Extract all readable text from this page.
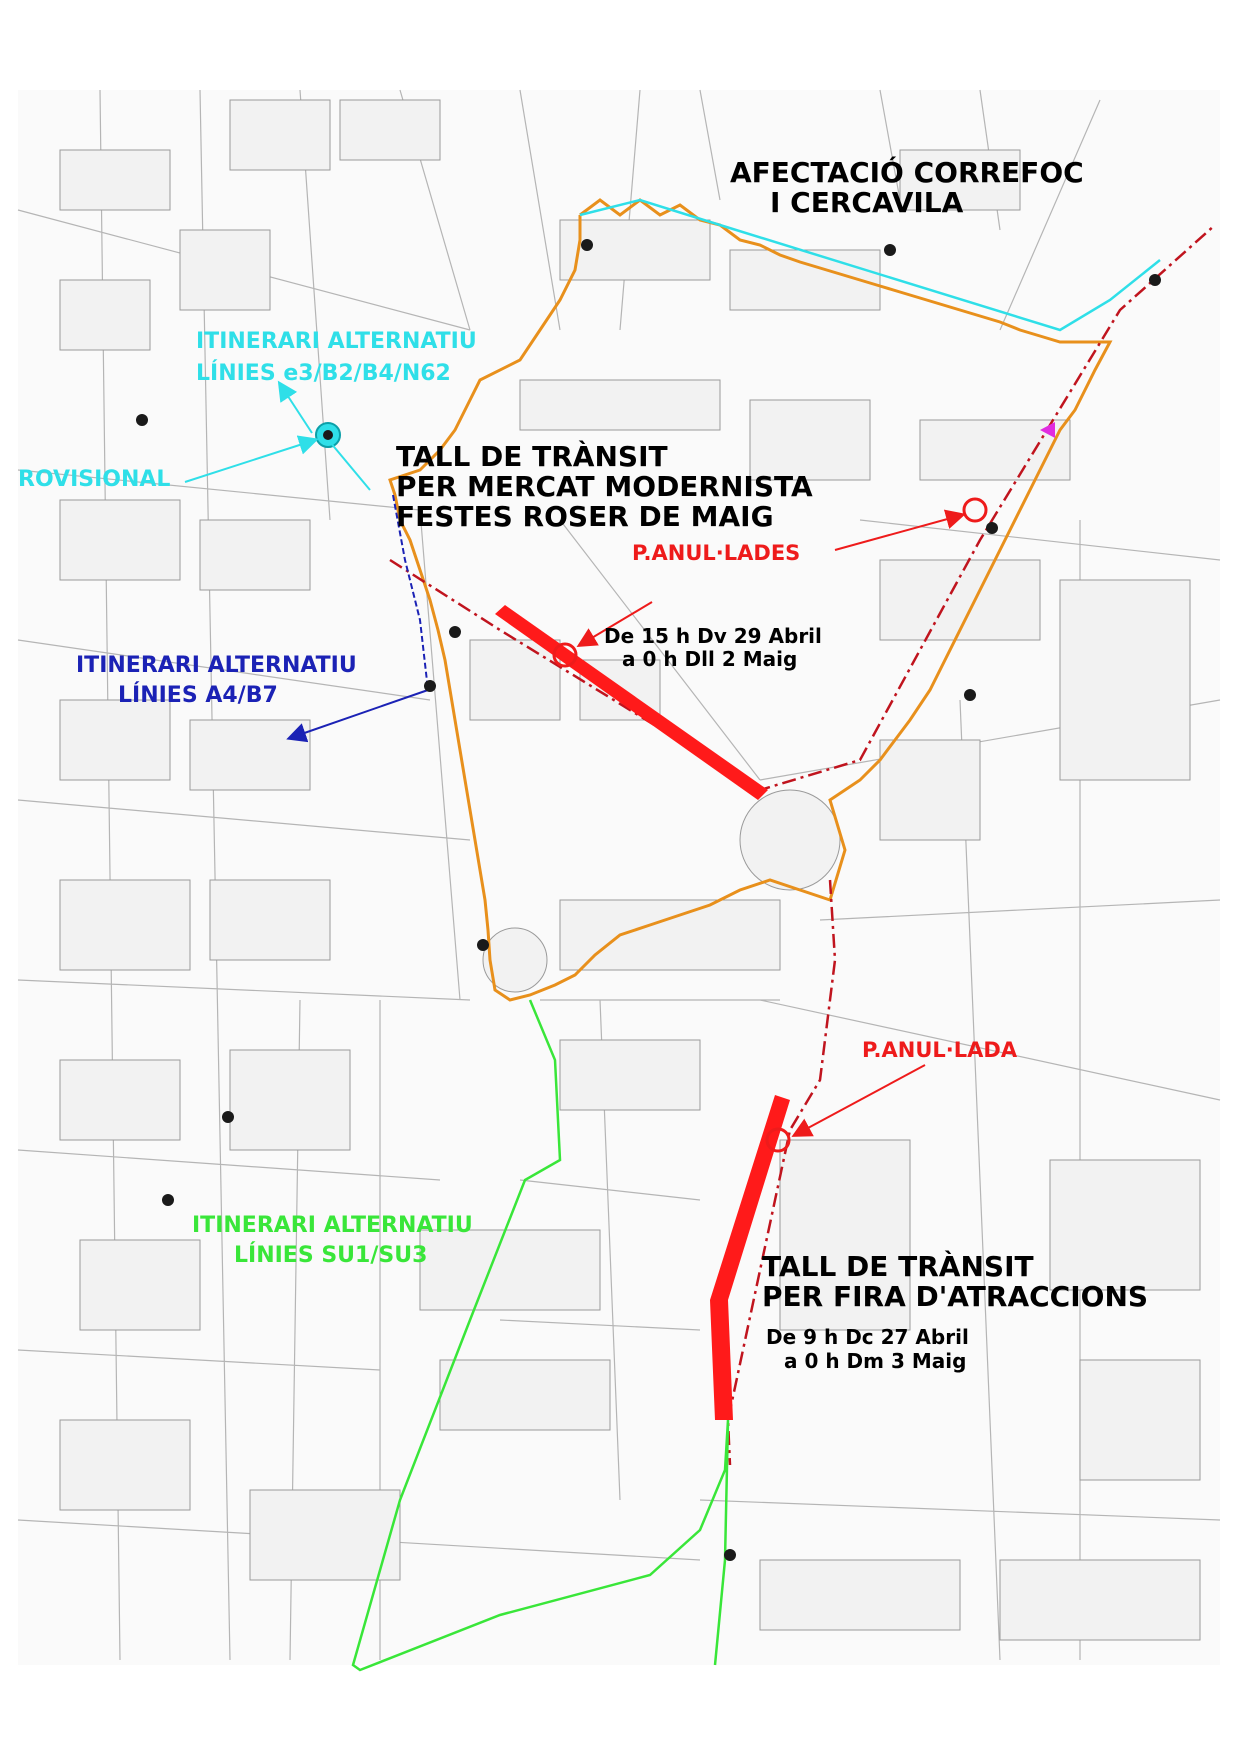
AFECTACIÓ CORREFOC
I CERCAVILA
ITINERARI ALTERNATIU
LÍNIES e3/B2/B4/N62
ROVISIONAL
TALL DE TRÀNSIT
PER MERCAT MODERNISTA
FESTES ROSER DE MAIG
P.ANUL·LADES
De 15 h Dv 29 Abril
a 0 h Dll 2 Maig
ITINERARI ALTERNATIU
LÍNIES A4/B7
P.ANUL·LADA
ITINERARI ALTERNATIU
LÍNIES SU1/SU3	TALL DE TRÀNSIT
PER FIRA D'ATRACCIONS
De 9 h Dc 27 Abril
a 0 h Dm 3 Maig
